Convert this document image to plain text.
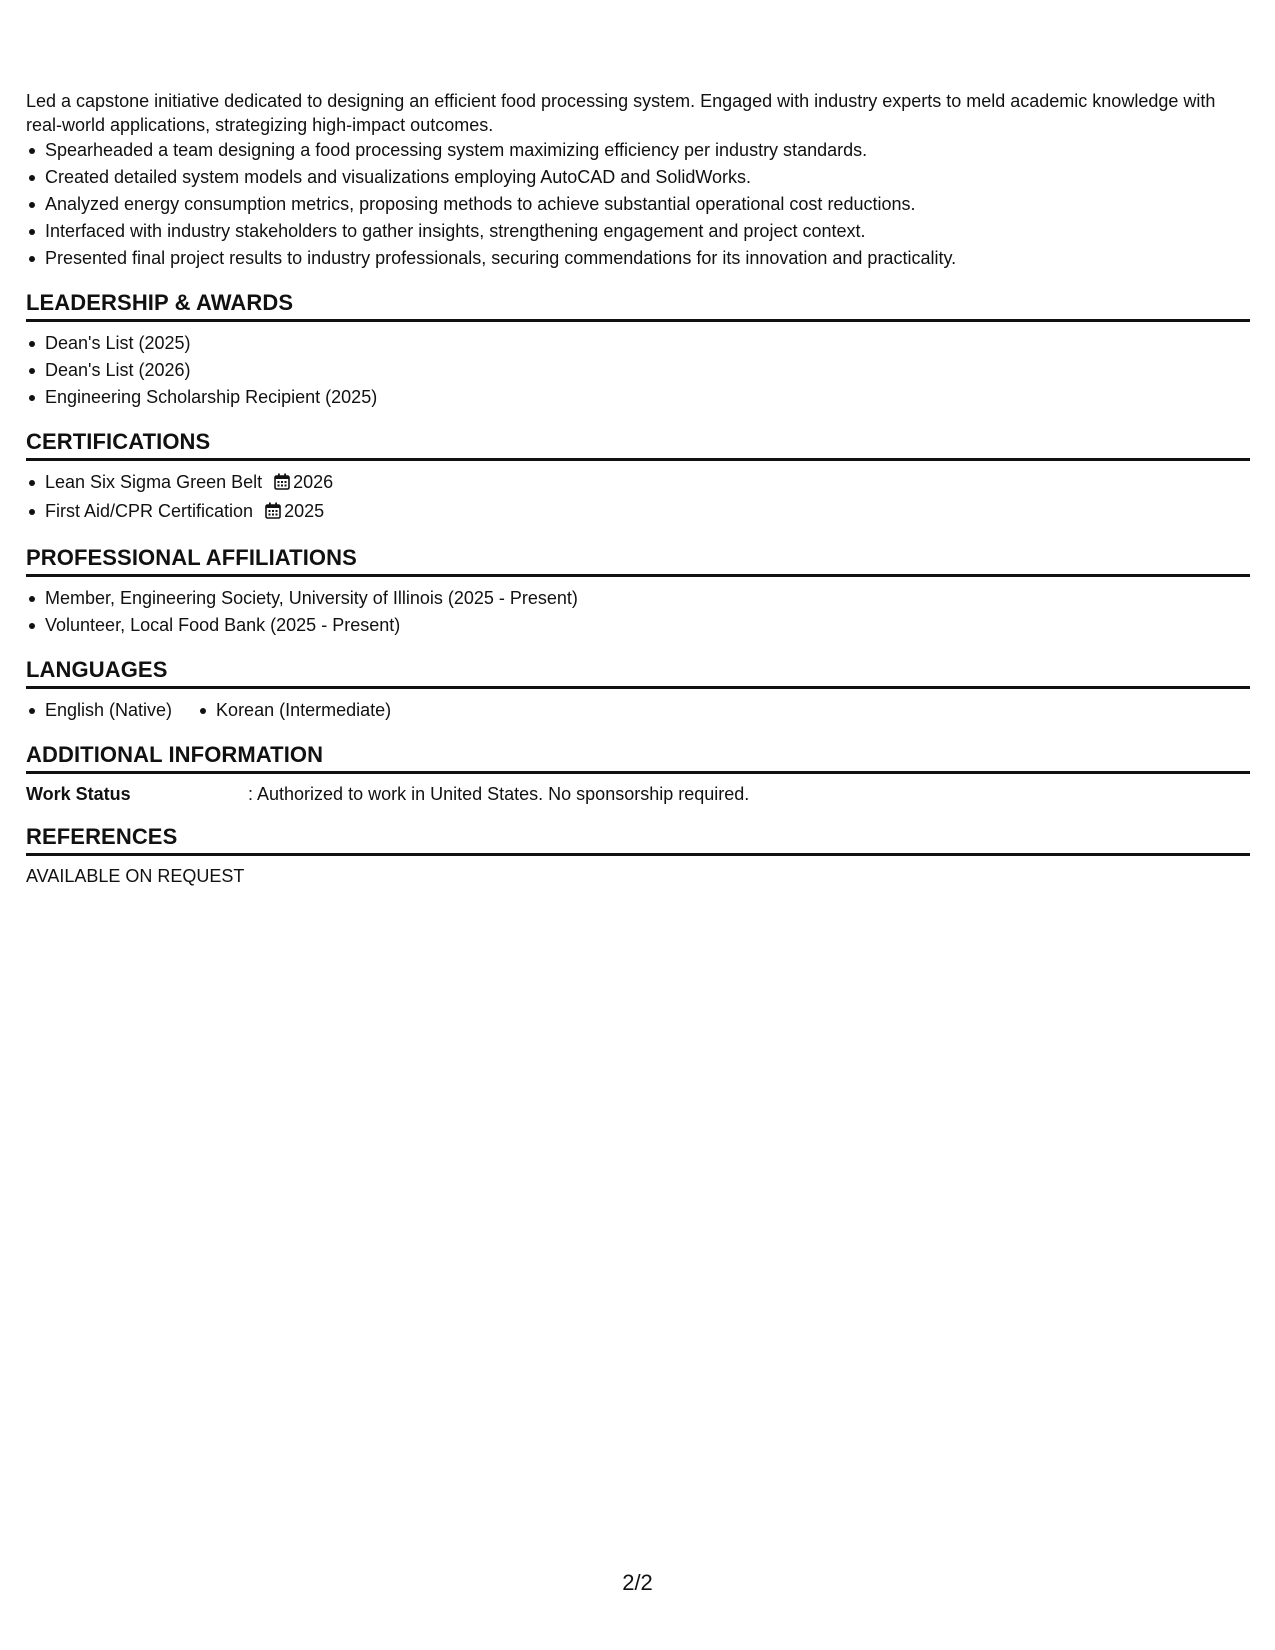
Led a capstone initiative dedicated to designing an efficient food processing system. Engaged with industry experts to meld academic knowledge with real-world applications, strategizing high-impact outcomes.

Spearheaded a team designing a food processing system maximizing efficiency per industry standards.
Created detailed system models and visualizations employing AutoCAD and SolidWorks.
Analyzed energy consumption metrics, proposing methods to achieve substantial operational cost reductions.
Interfaced with industry stakeholders to gather insights, strengthening engagement and project context.
Presented final project results to industry professionals, securing commendations for its innovation and practicality.
LEADERSHIP & AWARDS
Dean's List (2025)
Dean's List (2026)
Engineering Scholarship Recipient (2025)
CERTIFICATIONS
Lean Six Sigma Green Belt 2026
First Aid/CPR Certification 2025
PROFESSIONAL AFFILIATIONS
Member, Engineering Society, University of Illinois (2025 - Present)
Volunteer, Local Food Bank (2025 - Present)
LANGUAGES
English (Native) Korean (Intermediate)
ADDITIONAL INFORMATION
Work Status	: Authorized to work in United States. No sponsorship required.
REFERENCES

AVAILABLE ON REQUEST

2/2
